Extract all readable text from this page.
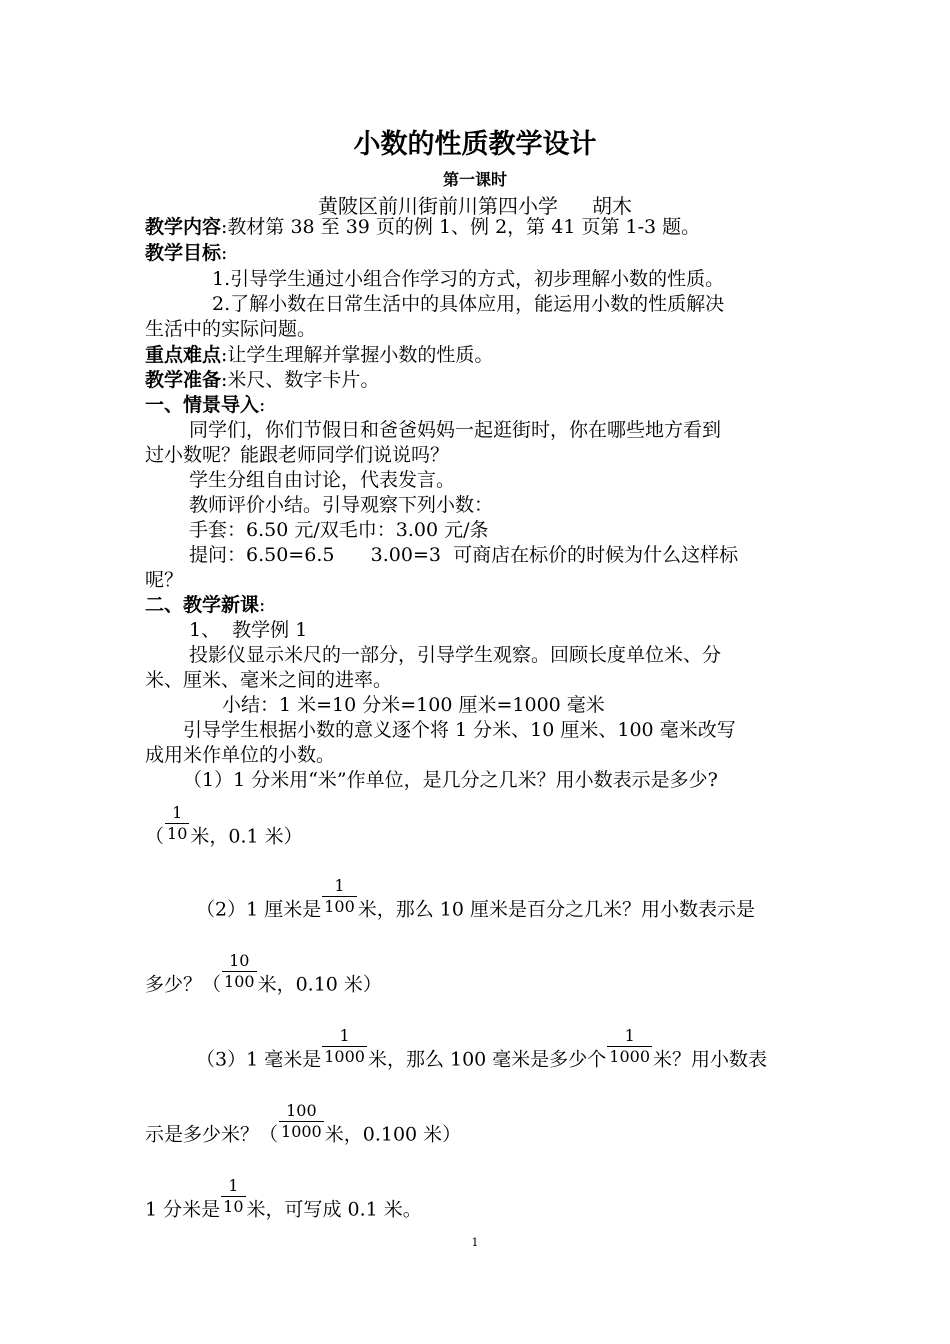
小数的性质教学设计
第一课时
黄陂区前川街前川第四小学 胡木
教学内容:教材第 38 至 39 页的例 1、例 2，第 41 页第 1-3 题。
教学目标:
1.引导学生通过小组合作学习的方式，初步理解小数的性质。
2.了解小数在日常生活中的具体应用，能运用小数的性质解决
生活中的实际问题。
重点难点:让学生理解并掌握小数的性质。
教学准备:米尺、数字卡片。
一、情景导入:
同学们，你们节假日和爸爸妈妈一起逛街时，你在哪些地方看到
过小数呢？能跟老师同学们说说吗？
学生分组自由讨论，代表发言。
教师评价小结。引导观察下列小数：
手套：6.50 元/双毛巾：3.00 元/条
提问：6.50=6.5      3.00=3  可商店在标价的时候为什么这样标
呢？
二、教学新课:
1、  教学例 1
投影仪显示米尺的一部分，引导学生观察。回顾长度单位米、分
米、厘米、毫米之间的进率。
小结：1 米=10 分米=100 厘米=1000 毫米
引导学生根据小数的意义逐个将 1 分米、10 厘米、100 毫米改写
成用米作单位的小数。
（1）1 分米用“米”作单位，是几分之几米？用小数表示是多少?
（ $\frac{1}{10}$ 米，0.1 米）
（2）1 厘米是 $\frac{1}{100}$ 米，那么 10 厘米是百分之几米？用小数表示是
多少？（ $\frac{10}{100}$ 米，0.10 米）
（3）1 毫米是 $\frac{1}{1000}$ 米，那么 100 毫米是多少个 $\frac{1}{1000}$ 米？用小数表
示是多少米？（ $\frac{100}{1000}$ 米，0.100 米）
1 分米是 $\frac{1}{10}$ 米，可写成 0.1 米。
1
